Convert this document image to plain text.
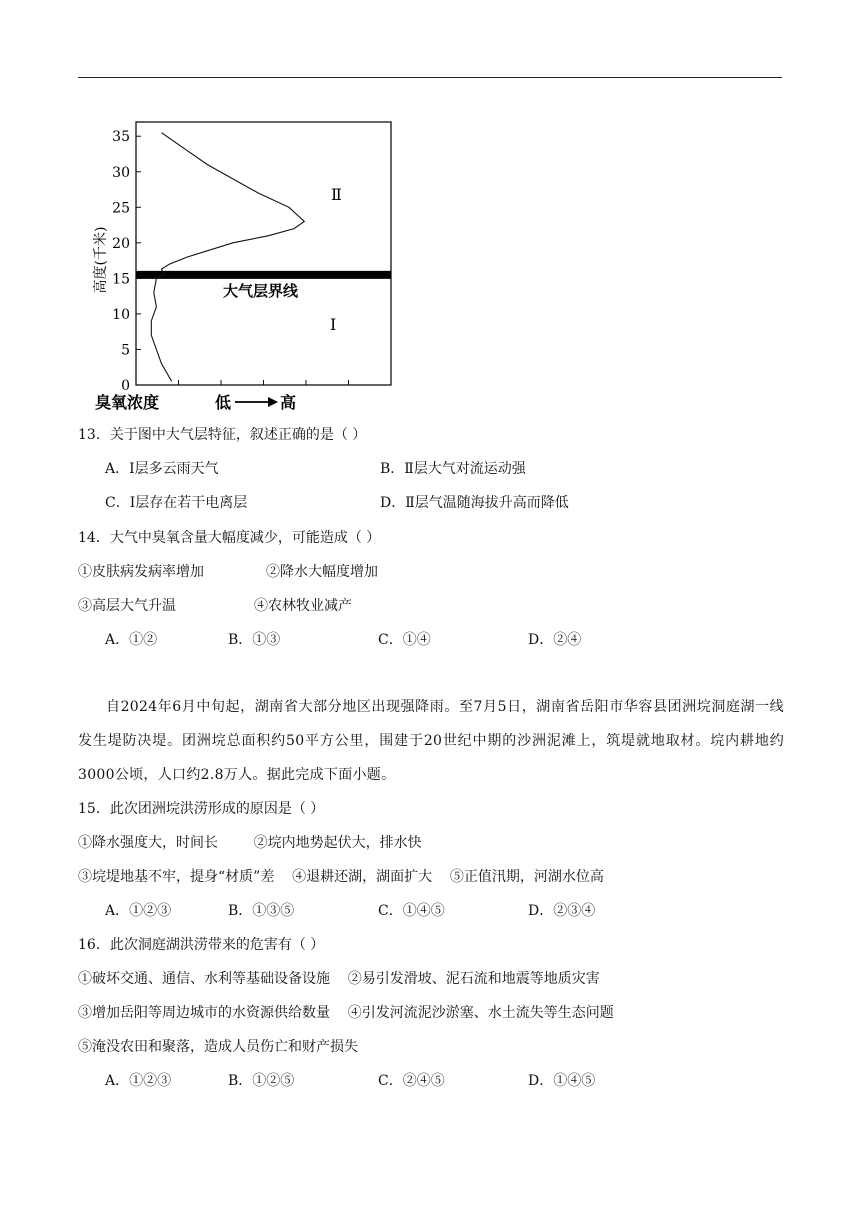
高度(千米)
0
5
10
15
20
25
30
35
大气层界线
Ⅱ
Ⅰ
臭氧浓度	低	高
13．关于图中大气层特征，叙述正确的是（ ）
A．Ⅰ层多云雨天气	B．Ⅱ层大气对流运动强
C．Ⅰ层存在若干电离层	D．Ⅱ层气温随海拔升高而降低
14．大气中臭氧含量大幅度减少，可能造成（ ）
①皮肤病发病率增加	②降水大幅度增加
③高层大气升温	④农林牧业减产
A．①②	B．①③	C．①④	D．②④
自2024年6月中旬起，湖南省大部分地区出现强降雨。至7月5日，湖南省岳阳市华容县团洲垸洞庭湖一线发生堤防决堤。团洲垸总面积约50平方公里，围建于20世纪中期的沙洲泥滩上，筑堤就地取材。垸内耕地约3000公顷，人口约2.8万人。据此完成下面小题。
15．此次团洲垸洪涝形成的原因是（ ）
①降水强度大，时间长        ②垸内地势起伏大，排水快
③垸堤地基不牢，提身“材质”差    ④退耕还湖，湖面扩大    ⑤正值汛期，河湖水位高
A．①②③	B．①③⑤	C．①④⑤	D．②③④
16．此次洞庭湖洪涝带来的危害有（ ）
①破坏交通、通信、水利等基础设备设施    ②易引发滑坡、泥石流和地震等地质灾害
③增加岳阳等周边城市的水资源供给数量    ④引发河流泥沙淤塞、水土流失等生态问题
⑤淹没农田和聚落，造成人员伤亡和财产损失
A．①②③	B．①②⑤	C．②④⑤	D．①④⑤
